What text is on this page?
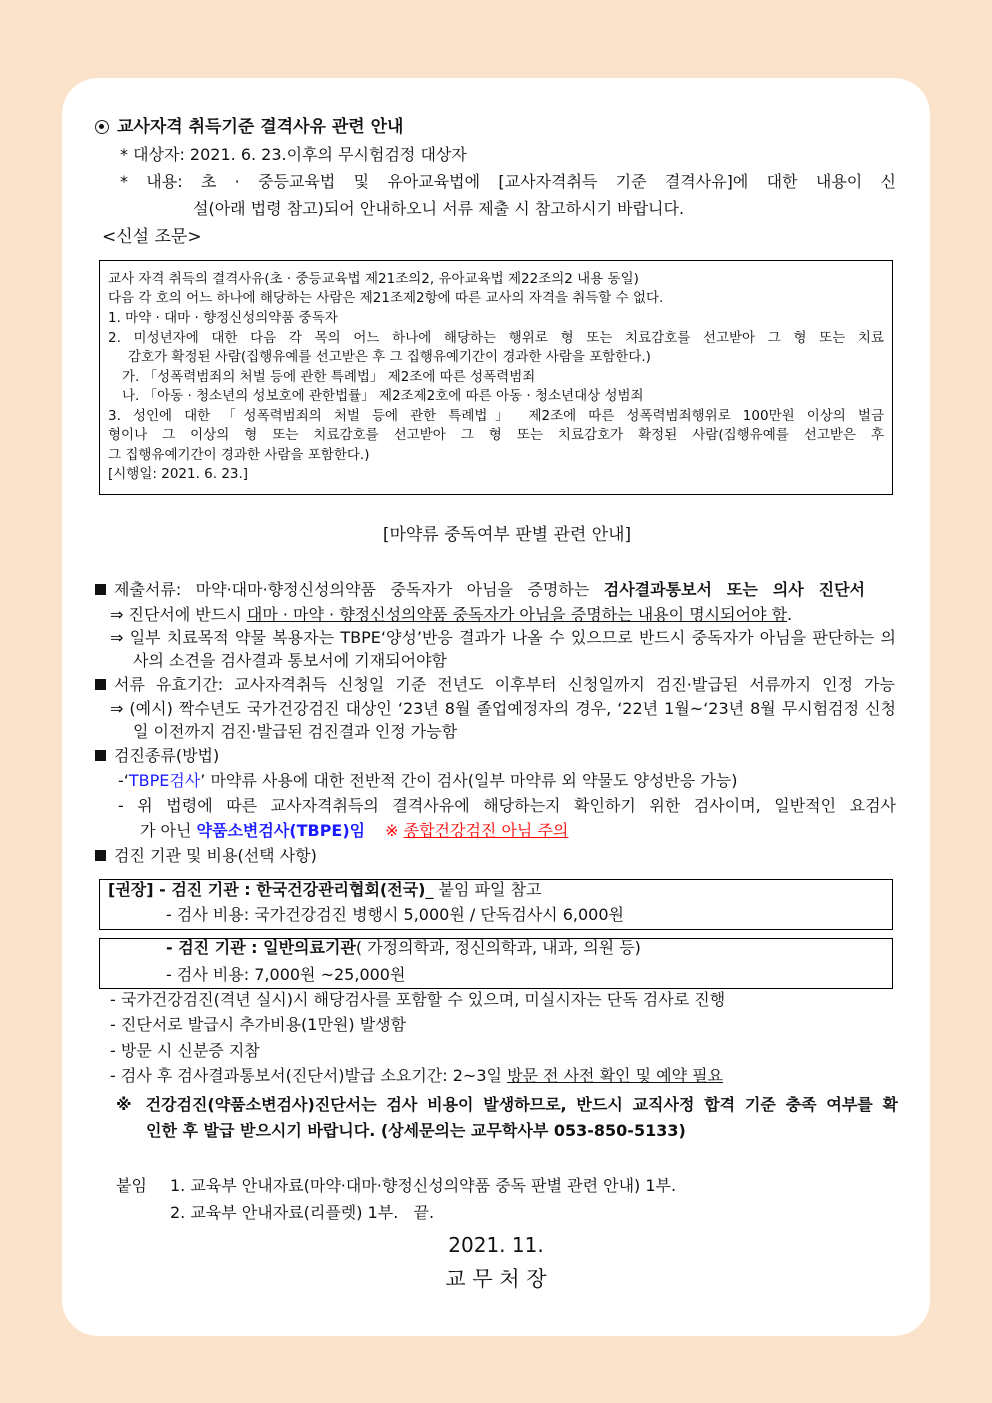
교사자격 취득기준 결격사유 관련 안내
* 대상자: 2021. 6. 23.이후의 무시험검정 대상자
* 내용: 초 · 중등교육법 및 유아교육법에 [교사자격취득 기준 결격사유]에 대한 내용이 신
설(아래 법령 참고)되어 안내하오니 서류 제출 시 참고하시기 바랍니다.
<신설 조문>
교사 자격 취득의 결격사유(초 · 중등교육법 제21조의2, 유아교육법 제22조의2 내용 동일)
다음 각 호의 어느 하나에 해당하는 사람은 제21조제2항에 따른 교사의 자격을 취득할 수 없다.
1. 마약 · 대마 · 향정신성의약품 중독자
2. 미성년자에 대한 다음 각 목의 어느 하나에 해당하는 행위로 형 또는 치료감호를 선고받아 그 형 또는 치료
감호가 확정된 사람(집행유예를 선고받은 후 그 집행유예기간이 경과한 사람을 포함한다.)
가. 「성폭력범죄의 처벌 등에 관한 특례법」 제2조에 따른 성폭력범죄
나. 「아동 · 청소년의 성보호에 관한법률」 제2조제2호에 따른 아동 · 청소년대상 성범죄
3. 성인에 대한 「성폭력범죄의 처벌 등에 관한 특례법」 제2조에 따른 성폭력범죄행위로 100만원 이상의 벌금
형이나 그 이상의 형 또는 치료감호를 선고받아 그 형 또는 치료감호가 확정된 사람(집행유예를 선고받은 후
그 집행유예기간이 경과한 사람을 포함한다.)
[시행일: 2021. 6. 23.]
[마약류 중독여부 판별 관련 안내]
제출서류: 마약·대마·향정신성의약품 중독자가 아님을 증명하는 검사결과통보서 또는 의사 진단서
⇒ 진단서에 반드시 대마 · 마약 · 향정신성의약품 중독자가 아님을 증명하는 내용이 명시되어야 함.
⇒ 일부 치료목적 약물 복용자는 TBPE‘양성’반응 결과가 나올 수 있으므로 반드시 중독자가 아님을 판단하는 의
사의 소견을 검사결과 통보서에 기재되어야함
서류 유효기간: 교사자격취득 신청일 기준 전년도 이후부터 신청일까지 검진·발급된 서류까지 인정 가능
⇒ (예시) 짝수년도 국가건강검진 대상인 ‘23년 8월 졸업예정자의 경우, ‘22년 1월~‘23년 8월 무시험검정 신청
일 이전까지 검진·발급된 검진결과 인정 가능함
검진종류(방법)
-‘TBPE검사’ 마약류 사용에 대한 전반적 간이 검사(일부 마약류 외 약물도 양성반응 가능)
- 위 법령에 따른 교사자격취득의 결격사유에 해당하는지 확인하기 위한 검사이며, 일반적인 요검사
가 아닌 약품소변검사(TBPE)임 ※ 종합건강검진 아님 주의
검진 기관 및 비용(선택 사항)
[권장] - 검진 기관 : 한국건강관리협회(전국)_ 붙임 파일 참고
- 검사 비용: 국가건강검진 병행시 5,000원 / 단독검사시 6,000원
- 검진 기관 : 일반의료기관( 가정의학과, 정신의학과, 내과, 의원 등)
- 검사 비용: 7,000원 ~25,000원
- 국가건강검진(격년 실시)시 해당검사를 포함할 수 있으며, 미실시자는 단독 검사로 진행
- 진단서로 발급시 추가비용(1만원) 발생함
- 방문 시 신분증 지참
- 검사 후 검사결과통보서(진단서)발급 소요기간: 2~3일 방문 전 사전 확인 및 예약 필요
※ 건강검진(약품소변검사)진단서는 검사 비용이 발생하므로, 반드시 교직사정 합격 기준 충족 여부를 확
인한 후 발급 받으시기 바랍니다. (상세문의는 교무학사부 053-850-5133)
붙임 1. 교육부 안내자료(마약·대마·향정신성의약품 중독 판별 관련 안내) 1부.
2. 교육부 안내자료(리플렛) 1부.   끝.
2021. 11.
교 무 처 장
